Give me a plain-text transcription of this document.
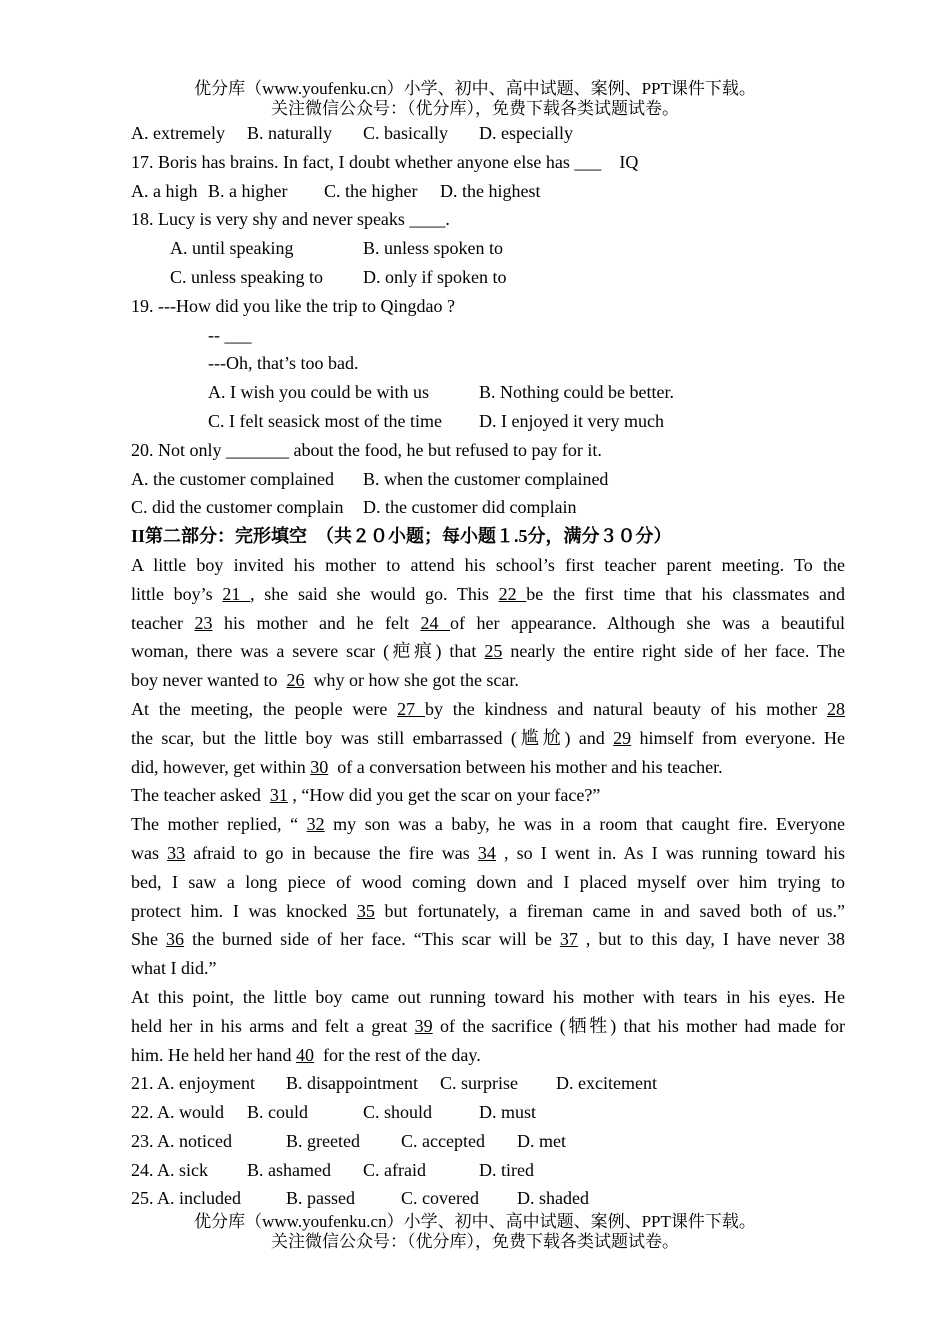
优分库（www.youfenku.cn）小学、初中、高中试题、案例、PPT课件下载。
关注微信公众号：（优分库），免费下载各类试题试卷。
A. extremely B. naturally C. basically D. especially
17. Boris has brains. In fact, I doubt whether anyone else has ___    IQ
A. a high B. a higher C. the higher D. the highest
18. Lucy is very shy and never speaks ____.
A. until speaking	B. unless spoken to
C. unless speaking to D. only if spoken to
19. ---How did you like the trip to Qingdao ?
-- ___
---Oh, that’s too bad.
A. I wish you could be with us	B. Nothing could be better.
C. I felt seasick most of the time D. I enjoyed it very much
20. Not only _______ about the food, he but refused to pay for it.
A. the customer complained B. when the customer complained
C. did the customer complain D. the customer did complain
II第二部分：完形填空　（共２０小题；每小题１.5分，满分３０分）
A little boy invited his mother to attend his school’s first teacher parent meeting. To the
little boy’s 21 , she said she would go. This 22 be the first time that his classmates and
teacher 23 his mother and he felt 24 of her appearance. Although she was a beautiful
woman, there was a severe scar (疤痕) that 25 nearly the entire right side of her face. The
boy never wanted to  26  why or how she got the scar.
At the meeting, the people were 27 by the kindness and natural beauty of his mother 28
the scar, but the little boy was still embarrassed (尴尬) and 29 himself from everyone. He
did, however, get within 30  of a conversation between his mother and his teacher.
The teacher asked  31 , “How did you get the scar on your face?”
The mother replied, “ 32 my son was a baby, he was in a room that caught fire. Everyone
was 33 afraid to go in because the fire was 34 , so I went in. As I was running toward his
bed, I saw a long piece of wood coming down and I placed myself over him trying to
protect him. I was knocked 35 but fortunately, a fireman came in and saved both of us.”
She 36 the burned side of her face. “This scar will be 37 , but to this day, I have never 38
what I did.”
At this point, the little boy came out running toward his mother with tears in his eyes. He
held her in his arms and felt a great 39 of the sacrifice (牺牲) that his mother had made for
him. He held her hand 40  for the rest of the day.
21. A. enjoyment B. disappointment C. surprise D. excitement
22. A. would B. could	C. should	D. must
23. A. noticed	B. greeted C. accepted D. met
24. A. sick B. ashamed C. afraid	D. tired
25. A. included	B. passed	C. covered D. shaded
优分库（www.youfenku.cn）小学、初中、高中试题、案例、PPT课件下载。
关注微信公众号：（优分库），免费下载各类试题试卷。
